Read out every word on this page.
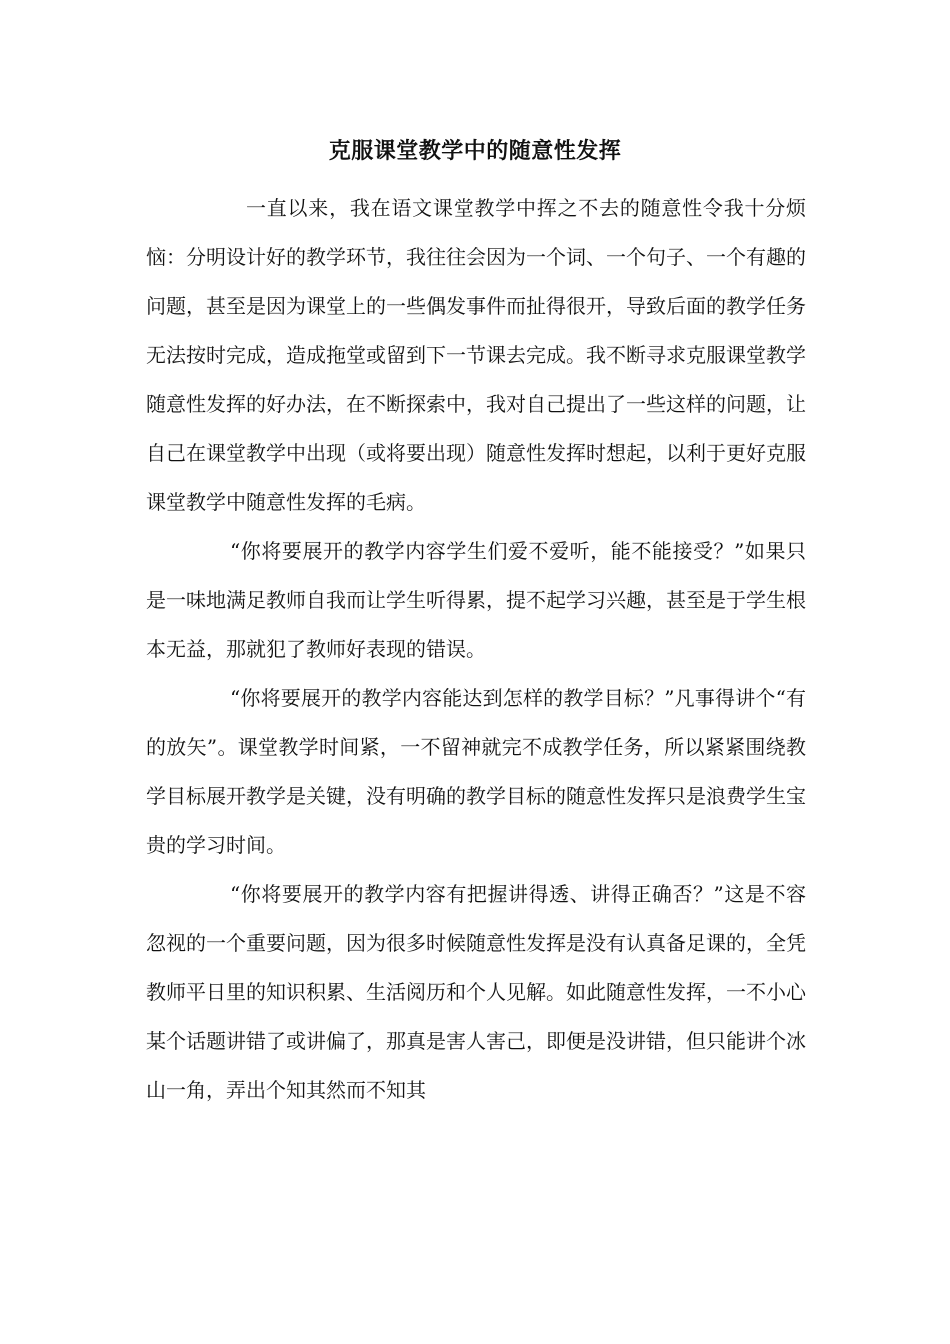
克服课堂教学中的随意性发挥

一直以来，我在语文课堂教学中挥之不去的随意性令我十分烦恼：分明设计好的教学环节，我往往会因为一个词、一个句子、一个有趣的问题，甚至是因为课堂上的一些偶发事件而扯得很开，导致后面的教学任务无法按时完成，造成拖堂或留到下一节课去完成。我不断寻求克服课堂教学随意性发挥的好办法，在不断探索中，我对自己提出了一些这样的问题，让自己在课堂教学中出现（或将要出现）随意性发挥时想起，以利于更好克服课堂教学中随意性发挥的毛病。

“你将要展开的教学内容学生们爱不爱听，能不能接受？”如果只是一味地满足教师自我而让学生听得累，提不起学习兴趣，甚至是于学生根本无益，那就犯了教师好表现的错误。

“你将要展开的教学内容能达到怎样的教学目标？”凡事得讲个“有的放矢”。课堂教学时间紧，一不留神就完不成教学任务，所以紧紧围绕教学目标展开教学是关键，没有明确的教学目标的随意性发挥只是浪费学生宝贵的学习时间。

“你将要展开的教学内容有把握讲得透、讲得正确否？”这是不容忽视的一个重要问题，因为很多时候随意性发挥是没有认真备足课的，全凭教师平日里的知识积累、生活阅历和个人见解。如此随意性发挥，一不小心某个话题讲错了或讲偏了，那真是害人害己，即便是没讲错，但只能讲个冰山一角，弄出个知其然而不知其
